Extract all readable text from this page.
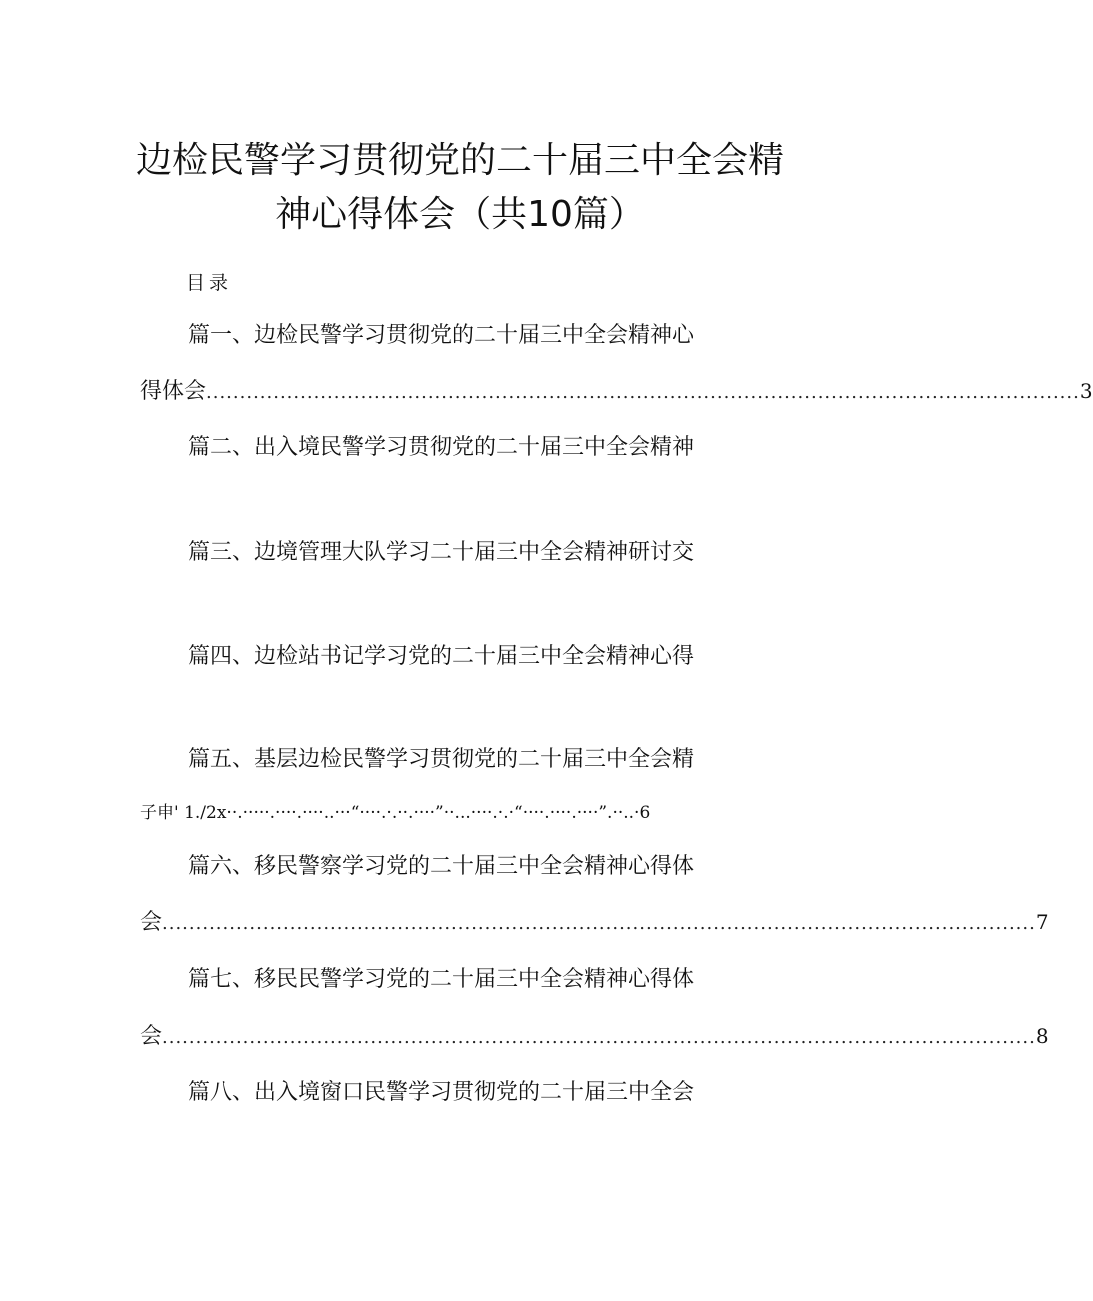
边检民警学习贯彻党的二十届三中全会精
神心得体会（共10篇）
目录
篇一、边检民警学习贯彻党的二十届三中全会精神心
得体会 .................................................................................................................................. 3
篇二、出入境民警学习贯彻党的二十届三中全会精神
篇三、边境管理大队学习二十届三中全会精神研讨交
篇四、边检站书记学习党的二十届三中全会精神心得
篇五、基层边检民警学习贯彻党的二十届三中全会精
子申' 1./2x··.·····.····.····..···“····.·.··.····”··...····.·.·“····.····.····”.··..·6
篇六、移民警察学习党的二十届三中全会精神心得体
会 .................................................................................................................................. 7
篇七、移民民警学习党的二十届三中全会精神心得体
会 .................................................................................................................................. 8
篇八、出入境窗口民警学习贯彻党的二十届三中全会
